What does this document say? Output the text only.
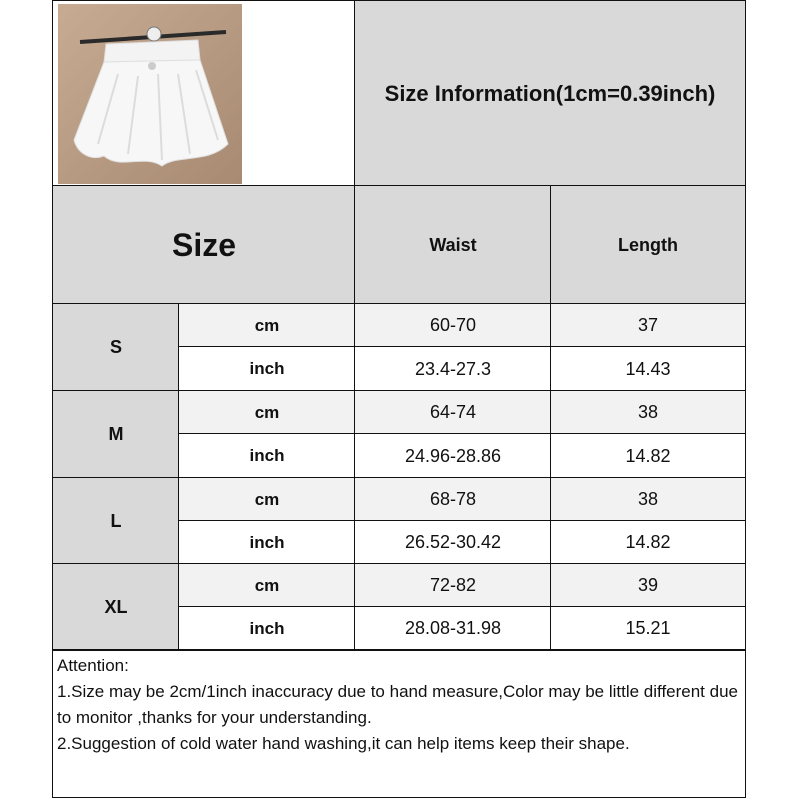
Size Information(1cm=0.39inch)
Size	Waist	Length
S
cm	60-70	37
inch	23.4-27.3	14.43
M
cm	64-74	38
inch	24.96-28.86	14.82
L
cm	68-78	38
inch	26.52-30.42	14.82
XL
cm	72-82	39
inch	28.08-31.98	15.21

Attention:

1.Size may be 2cm/1inch inaccuracy due to hand measure,Color may be little different due to monitor ,thanks for your understanding.

2.Suggestion of cold water hand washing,it can help items keep their shape.
